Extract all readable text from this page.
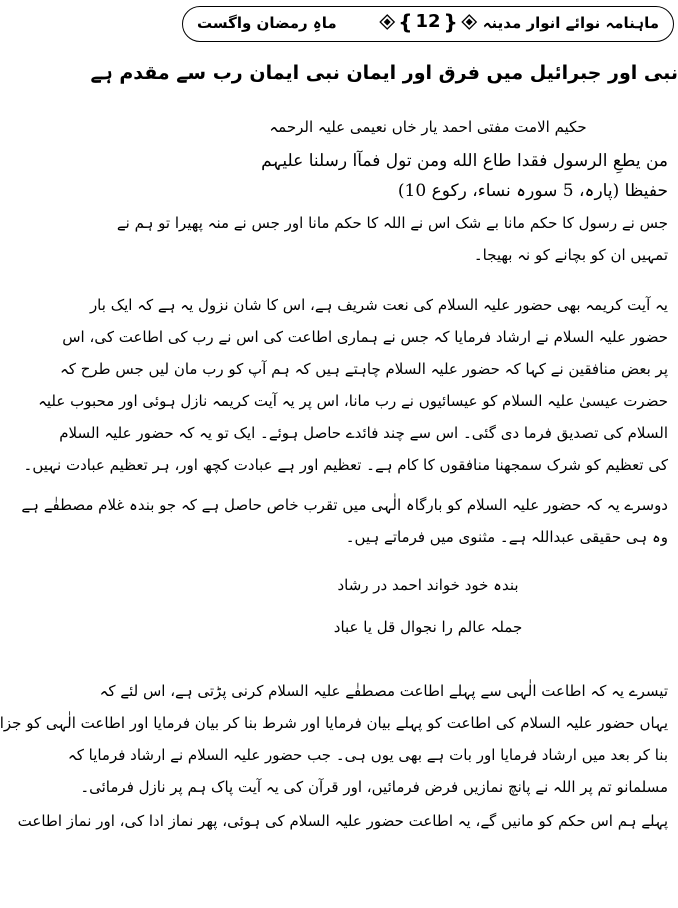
ماہنامہ نوائے انوار مدینہ
{ 12 }
ماہِ رمضان واگست
نبی اور جبرائیل میں فرق اور ایمان نبی ایمان رب سے مقدم ہے
حکیم الامت مفتی احمد یار خاں نعیمی علیہ الرحمہ
من یطعِ الرسول فقدا طاع الله ومن تول فمآا رسلنا علیہم
حفیظا (پارہ، 5 سورہ نساء، رکوع 10)
جس نے رسول کا حکم مانا بے شک اس نے اللہ کا حکم مانا اور جس نے منہ پھیرا تو ہم نے
تمہیں ان کو بچانے کو نہ بھیجا۔
یہ آیت کریمہ بھی حضور علیہ السلام کی نعت شریف ہے، اس کا شان نزول یہ ہے کہ ایک بار
حضور علیہ السلام نے ارشاد فرمایا کہ جس نے ہماری اطاعت کی اس نے رب کی اطاعت کی، اس
پر بعض منافقین نے کہا کہ حضور علیہ السلام چاہتے ہیں کہ ہم آپ کو رب مان لیں جس طرح کہ
حضرت عیسیٰ علیہ السلام کو عیسائیوں نے رب مانا، اس پر یہ آیت کریمہ نازل ہوئی اور محبوب علیہ
السلام کی تصدیق فرما دی گئی۔ اس سے چند فائدے حاصل ہوئے۔ ایک تو یہ کہ حضور علیہ السلام
کی تعظیم کو شرک سمجھنا منافقوں کا کام ہے۔ تعظیم اور ہے عبادت کچھ اور، ہر تعظیم عبادت نہیں۔
دوسرے یہ کہ حضور علیہ السلام کو بارگاہ الٰہی میں تقرب خاص حاصل ہے کہ جو بندہ غلام مصطفٰے ہے
وہ ہی حقیقی عبداللہ ہے۔ مثنوی میں فرماتے ہیں۔
بندہ خود خواند احمد در رشاد
جملہ عالم را نجوال قل یا عباد
تیسرے یہ کہ اطاعت الٰہی سے پہلے اطاعت مصطفٰے علیہ السلام کرنی پڑتی ہے، اس لئے کہ
یہاں حضور علیہ السلام کی اطاعت کو پہلے بیان فرمایا اور شرط بنا کر بیان فرمایا اور اطاعت الٰہی کو جزا
بنا کر بعد میں ارشاد فرمایا اور بات ہے بھی یوں ہی۔ جب حضور علیہ السلام نے ارشاد فرمایا کہ
مسلمانو تم پر اللہ نے پانچ نمازیں فرض فرمائیں، اور قرآن کی یہ آیت پاک ہم پر نازل فرمائی۔
پہلے ہم اس حکم کو مانیں گے، یہ اطاعت حضور علیہ السلام کی ہوئی، پھر نماز ادا کی، اور نماز اطاعت
